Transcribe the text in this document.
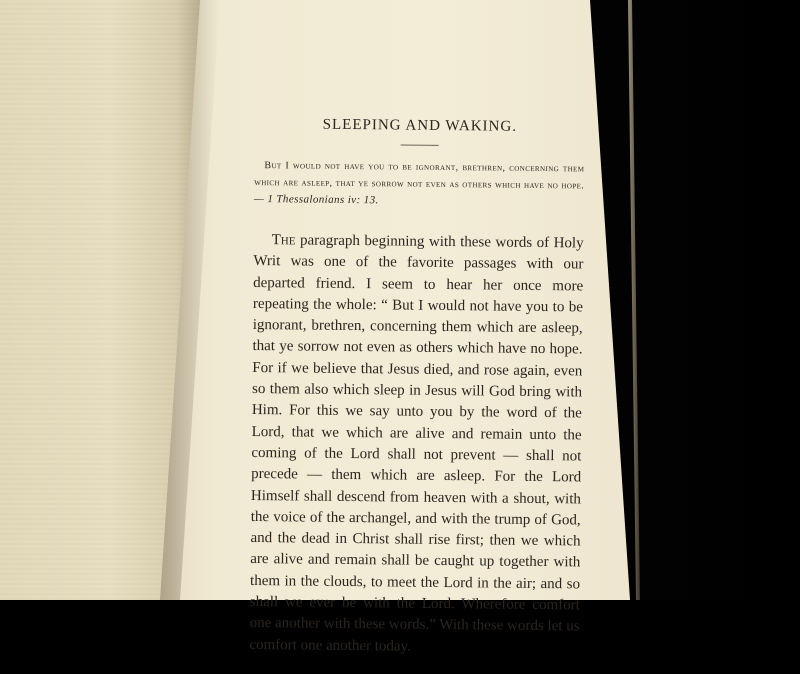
SLEEPING AND WAKING.

But I would not have you to be ignorant, brethren, concerning them which are asleep, that ye sorrow not even as others which have no hope. — 1 Thessalonians iv: 13.

The paragraph beginning with these words of Holy Writ was one of the favorite passages with our departed friend. I seem to hear her once more repeating the whole: “ But I would not have you to be ignorant, brethren, concerning them which are asleep, that ye sorrow not even as others which have no hope. For if we believe that Jesus died, and rose again, even so them also which sleep in Jesus will God bring with Him. For this we say unto you by the word of the Lord, that we which are alive and remain unto the coming of the Lord shall not prevent — shall not precede — them which are asleep. For the Lord Himself shall descend from heaven with a shout, with the voice of the archangel, and with the trump of God, and the dead in Christ shall rise first; then we which are alive and remain shall be caught up together with them in the clouds, to meet the Lord in the air; and so shall we ever be with the Lord. Wherefore comfort one another with these words.” With these words let us comfort one another today.
